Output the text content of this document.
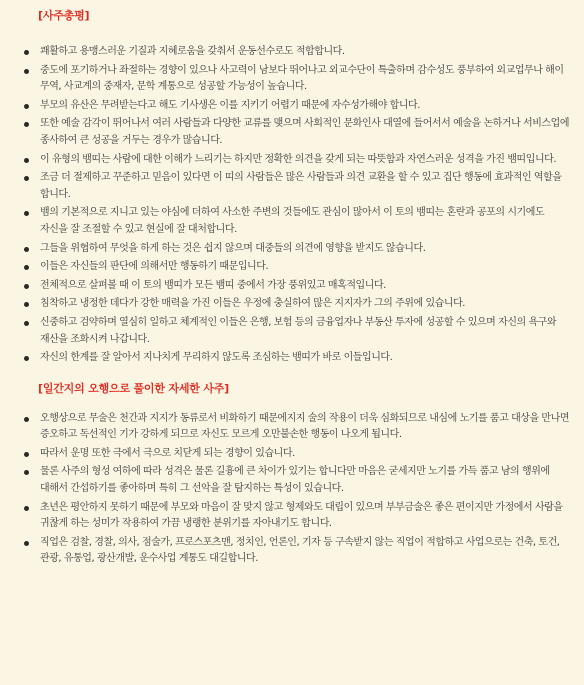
[사주총평]
쾌활하고 용맹스러운 기질과 지혜로움을 갖춰서 운동선수로도 적합합니다.
중도에 포기하거나 좌절하는 경향이 있으나 사고력이 남보다 뛰어나고 외교수단이 특출하며 감수성도 풍부하여 외교업무나 해이 무역, 사교계의 중재자, 문학 계통으로 성공할 가능성이 높습니다.
부모의 유산은 무려받는다고 해도 기사생은 이를 지키기 어렵기 때문에 자수성가해야 합니다.
또한 예술 감각이 뛰어나서 여러 사람들과 다양한 교류를 맺으며 사회적인 문화인사 대열에 들어서서 예술을 논하거나 서비스업에 종사하여 큰 성공을 거두는 경우가 많습니다.
이 유형의 뱀띠는 사람에 대한 이해가 느리기는 하지만 정확한 의견을 갖게 되는 따뜻함과 자연스러운 성격을 가진 뱀띠입니다.
조금 더 절제하고 꾸준하고 믿음이 있다면 이 띠의 사람들은 많은 사람들과 의견 교환을 할 수 있고 집단 행동에 효과적인 역할을 합니다.
뱀의 기본적으로 지니고 있는 야심에 더하여 사소한 주변의 것들에도 관심이 많아서 이 토의 뱀띠는 혼란과 공포의 시기에도 자신을 잘 조절할 수 있고 현실에 잘 대처합니다.
그들을 위협하여 무엇을 하게 하는 것은 쉽지 않으며 대중들의 의견에 영향을 받지도 않습니다.
이들은 자신들의 판단에 의해서만 행동하기 때문입니다.
전체적으로 살펴볼 때 이 토의 뱀띠가 모든 뱀띠 중에서 가장 풍위있고 매혹적입니다.
침착하고 냉정한 데다가 강한 매력을 가진 이들은 우정에 충실하여 많은 지지자가 그의 주위에 있습니다.
신중하고 검약하며 열심히 일하고 체계적인 이들은 은행, 보험 등의 금융업자나 부동산 투자에 성공할 수 있으며 자신의 욕구와 재산을 조화시켜 나갑니다.
자신의 한계를 잘 알아서 지나치게 무리하지 않도록 조심하는 뱀띠가 바로 이들입니다.
[일간지의 오행으로 풀이한 자세한 사주]
오행상으로 무술은 천간과 지지가 동류로서 비화하기 때문에지지 술의 작용이 더욱 심화되므로 내심에 노기를 품고 대상을 만나면 증오하고 독선적인 기가 강하게 되므로 자신도 모르게 오만불손한 행동이 나오게 됩니다.
따라서 운명 또한 극에서 극으로 치닫게 되는 경향이 있습니다.
물론 사주의 형성 여하에 따라 성격은 물론 길흉에 큰 차이가 있기는 합니다만 마음은 굳세지만 노기를 가득 품고 남의 행위에 대해서 간섭하기를 좋아하며 특히 그 선악을 잘 탐지하는 특성이 있습니다.
초년은 평안하지 못하기 때문에 부모와 마음이 잘 맞지 않고 형제와도 대립이 있으며 부부금술은 좋은 편이지만 가정에서 사람을 귀찮게 하는 성미가 작용하여 가끔 냉랭한 분위기를 자아내기도 합니다.
직업은 검찰, 경찰, 의사, 점술가, 프로스포츠맨, 정치인, 언론인, 기자 등 구속받지 않는 직업이 적합하고 사업으로는 건축, 토건, 관광, 유통업, 광산개발, 운수사업 계통도 대길합니다.
